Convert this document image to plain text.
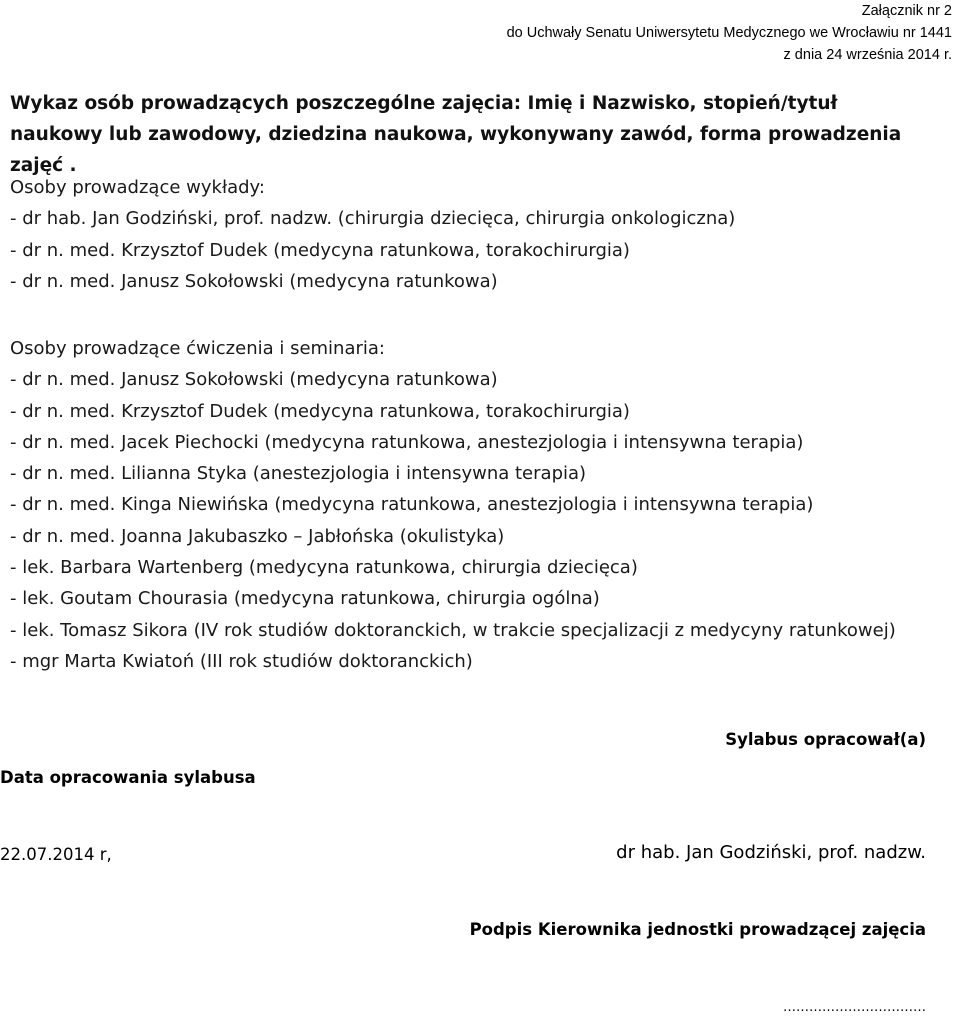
Załącznik nr 2
do Uchwały Senatu Uniwersytetu Medycznego we Wrocławiu nr 1441
z dnia 24 września 2014 r.
Wykaz osób prowadzących poszczególne zajęcia: Imię i Nazwisko, stopień/tytuł naukowy lub zawodowy, dziedzina naukowa, wykonywany zawód, forma prowadzenia zajęć .
Osoby prowadzące wykłady:
- dr hab. Jan Godziński, prof. nadzw. (chirurgia dziecięca, chirurgia onkologiczna)
- dr n. med. Krzysztof Dudek (medycyna ratunkowa, torakochirurgia)
- dr n. med. Janusz Sokołowski (medycyna ratunkowa)
Osoby prowadzące ćwiczenia i seminaria:
- dr n. med. Janusz Sokołowski (medycyna ratunkowa)
- dr n. med. Krzysztof Dudek (medycyna ratunkowa, torakochirurgia)
- dr n. med. Jacek Piechocki (medycyna ratunkowa, anestezjologia i intensywna terapia)
- dr n. med. Lilianna Styka (anestezjologia i intensywna terapia)
- dr n. med. Kinga Niewińska (medycyna ratunkowa, anestezjologia i intensywna terapia)
- dr n. med. Joanna Jakubaszko – Jabłońska (okulistyka)
- lek. Barbara Wartenberg (medycyna ratunkowa, chirurgia dziecięca)
- lek. Goutam Chourasia (medycyna ratunkowa, chirurgia ogólna)
- lek. Tomasz Sikora (IV rok studiów doktoranckich, w trakcie specjalizacji z medycyny ratunkowej)
- mgr Marta Kwiatoń (III rok studiów doktoranckich)
Sylabus opracował(a)
Data opracowania sylabusa
22.07.2014 r,	dr hab. Jan Godziński, prof. nadzw.
Podpis Kierownika jednostki prowadzącej zajęcia
……………………………
